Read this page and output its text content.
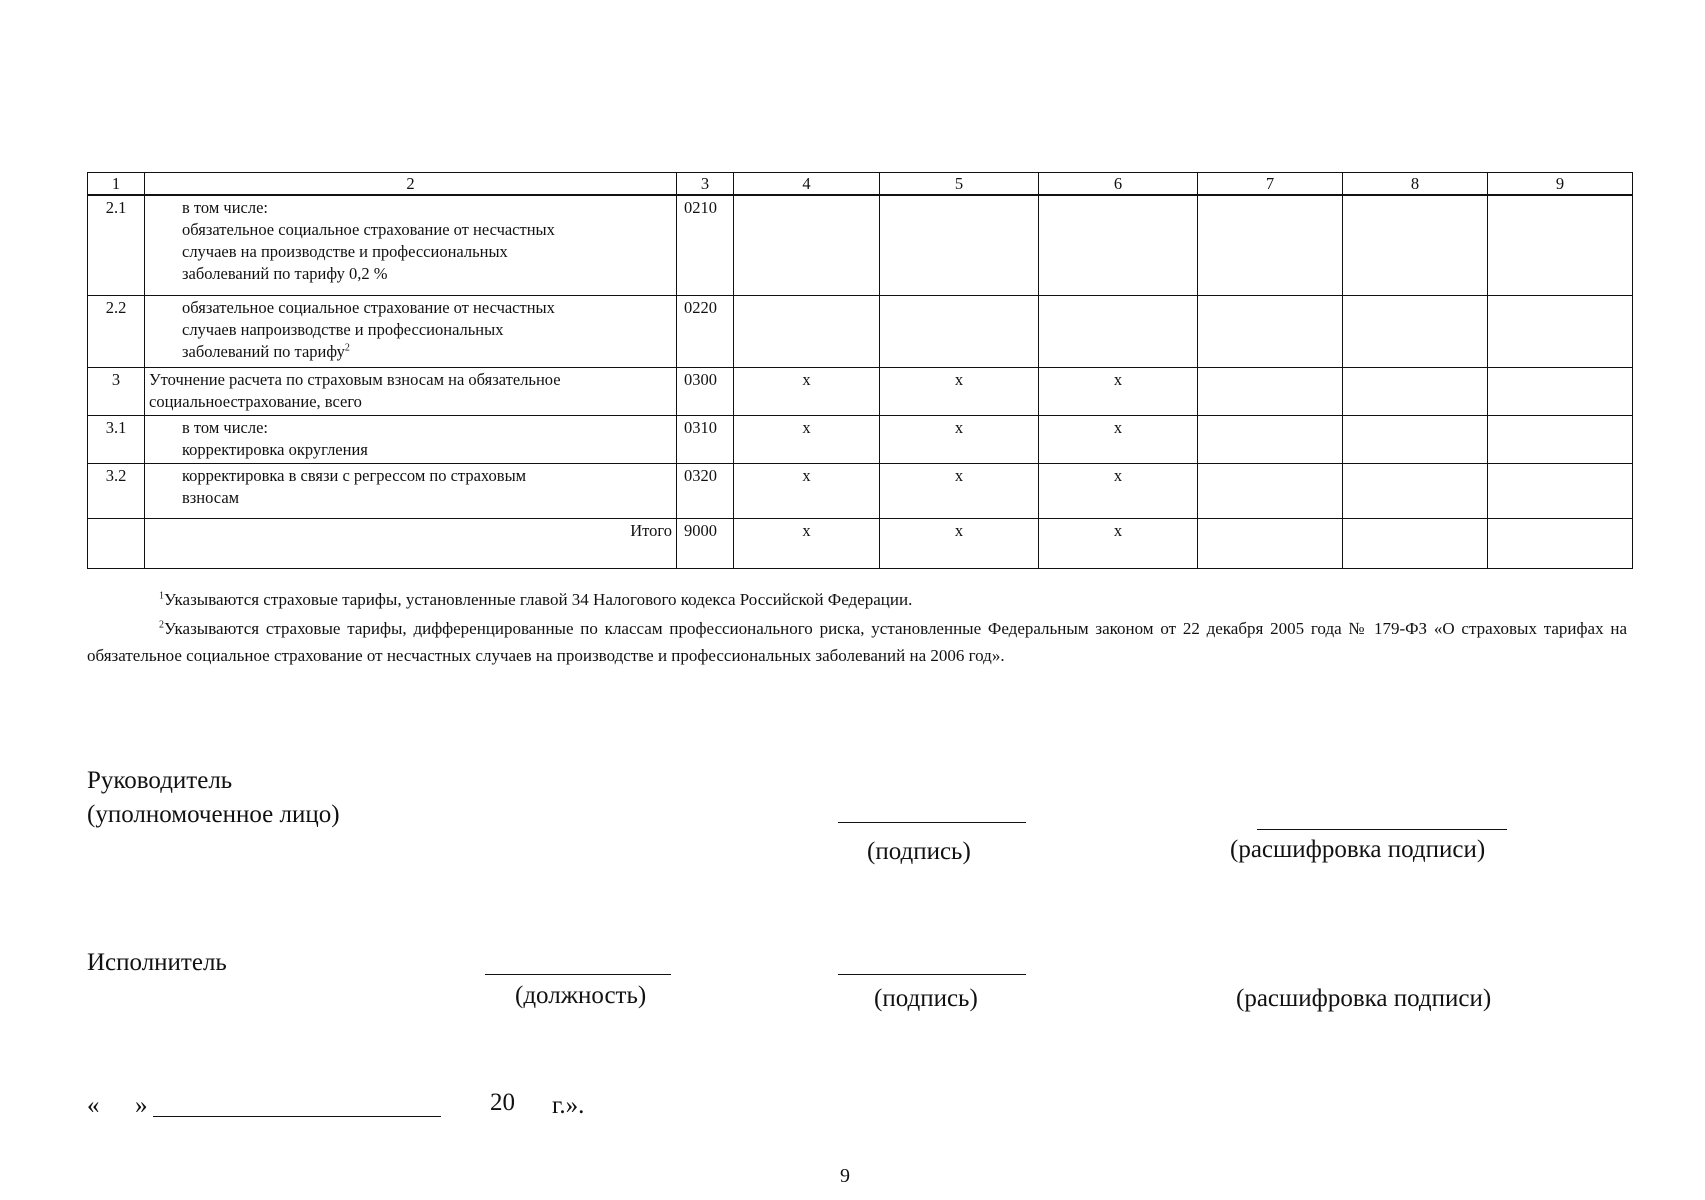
1	2	3	4	5	6	7	8	9
2.1	в том числе:
обязательное социальное страхование от несчастных
случаев на производстве и профессиональных
заболеваний по тарифу 0,2 %	0210						
2.2	обязательное социальное страхование от несчастных
случаев напроизводстве и профессиональных
заболеваний по тарифу$^2$	0220						
3	Уточнение расчета по страховым взносам на обязательное
социальноестрахование, всего	0300	х	х	х			
3.1	в том числе:
корректировка округления	0310	х	х	х			
3.2	корректировка в связи с регрессом по страховым
взносам	0320	х	х	х			

	Итого	9000	х	х	х			
$^1$Указываются страховые тарифы, установленные главой 34 Налогового кодекса Российской Федерации.
$^2$Указываются страховые тарифы, дифференцированные по классам профессионального риска, установленные Федеральным законом от 22 декабря 2005 года № 179-ФЗ «О страховых тарифах на обязательное социальное страхование от несчастных случаев на производстве и профессиональных заболеваний на 2006 год».
Руководитель
(уполномоченное лицо)
(подпись)	(расшифровка подписи)
Исполнитель
(должность)	(подпись)	(расшифровка подписи)
« »	20 г.».
9
